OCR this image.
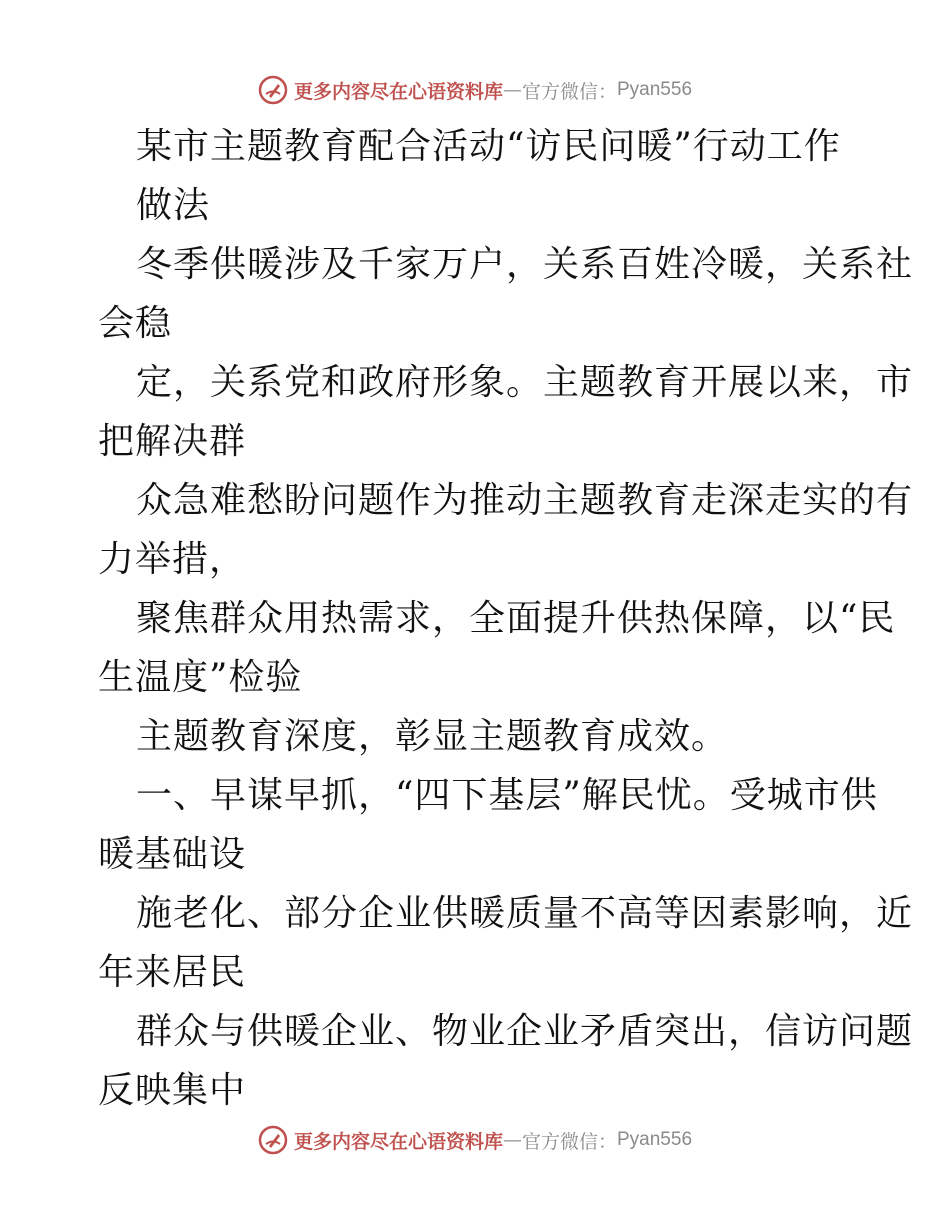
更多内容尽在心语资料库 — 官方微信： Pyan556
某市主题教育配合活动“访民问暖”行动工作
做法
冬季供暖涉及千家万户，关系百姓冷暖，关系社
会稳
定，关系党和政府形象。主题教育开展以来，市
把解决群
众急难愁盼问题作为推动主题教育走深走实的有
力举措，
聚焦群众用热需求，全面提升供热保障，以“民
生温度”检验
主题教育深度，彰显主题教育成效。
一、早谋早抓，“四下基层”解民忧。受城市供
暖基础设
施老化、部分企业供暖质量不高等因素影响，近
年来居民
群众与供暖企业、物业企业矛盾突出，信访问题
反映集中
更多内容尽在心语资料库 — 官方微信： Pyan556
